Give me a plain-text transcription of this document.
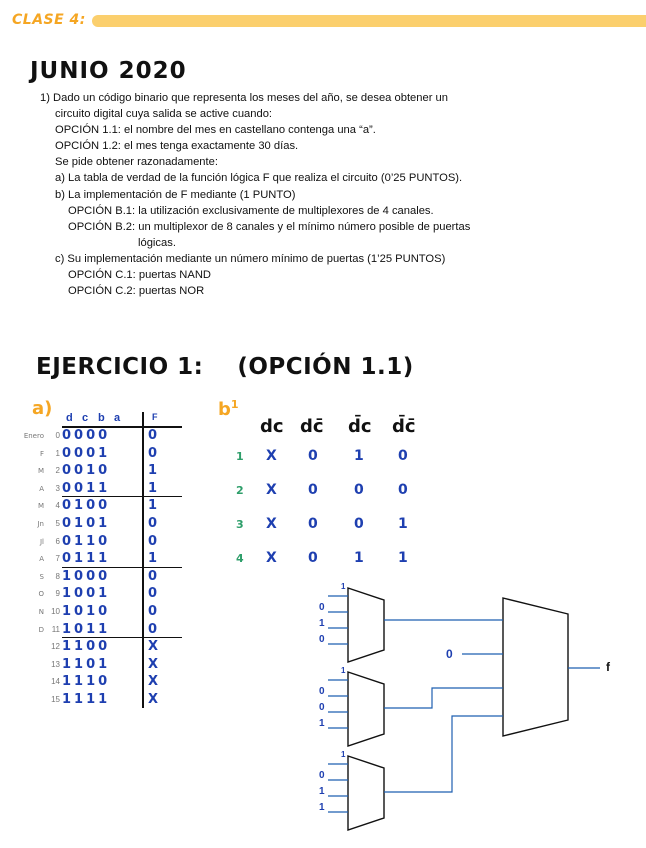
CLASE 4:
JUNIO 2020
1) Dado un código binario que representa los meses del año, se desea obtener un
circuito digital cuya salida se active cuando:
OPCIÓN 1.1: el nombre del mes en castellano contenga una “a”.
OPCIÓN 1.2: el mes tenga exactamente 30 días.
Se pide obtener razonadamente:
a) La tabla de verdad de la función lógica F que realiza el circuito (0’25 PUNTOS).
b) La implementación de F mediante (1 PUNTO)
OPCIÓN B.1: la utilización exclusivamente de multiplexores de 4 canales.
OPCIÓN B.2: un multiplexor de 8 canales y el mínimo número posible de puertas
lógicas.
c) Su implementación mediante un número mínimo de puertas (1’25 PUNTOS)
OPCIÓN C.1: puertas NAND
OPCIÓN C.2: puertas NOR
EJERCICIO 1: (OPCIÓN 1.1)
a) d c b a	F
Enero	0 0000	0
F	1 0001	0
M	2 0010	1
A	3 0011	1
M	4 0100	1
Jn	5 0101	0
Jl	6 0110	0
A	7 0111	1
S	8 1000	0
O	9 1001	0
N 10 1010	0
D 11 1011	0
12 1100	X
13 1101	X
14 1110	X
15 1111	X
$b^1$
dc dc̄ d̄c d̄c̄
0
1
0
1
0
0
1
1
0
1
1
1
0
f
1 X 0	1 0
2 X 0	0 0
3 X 0	0 1
4 X 0	1 1
